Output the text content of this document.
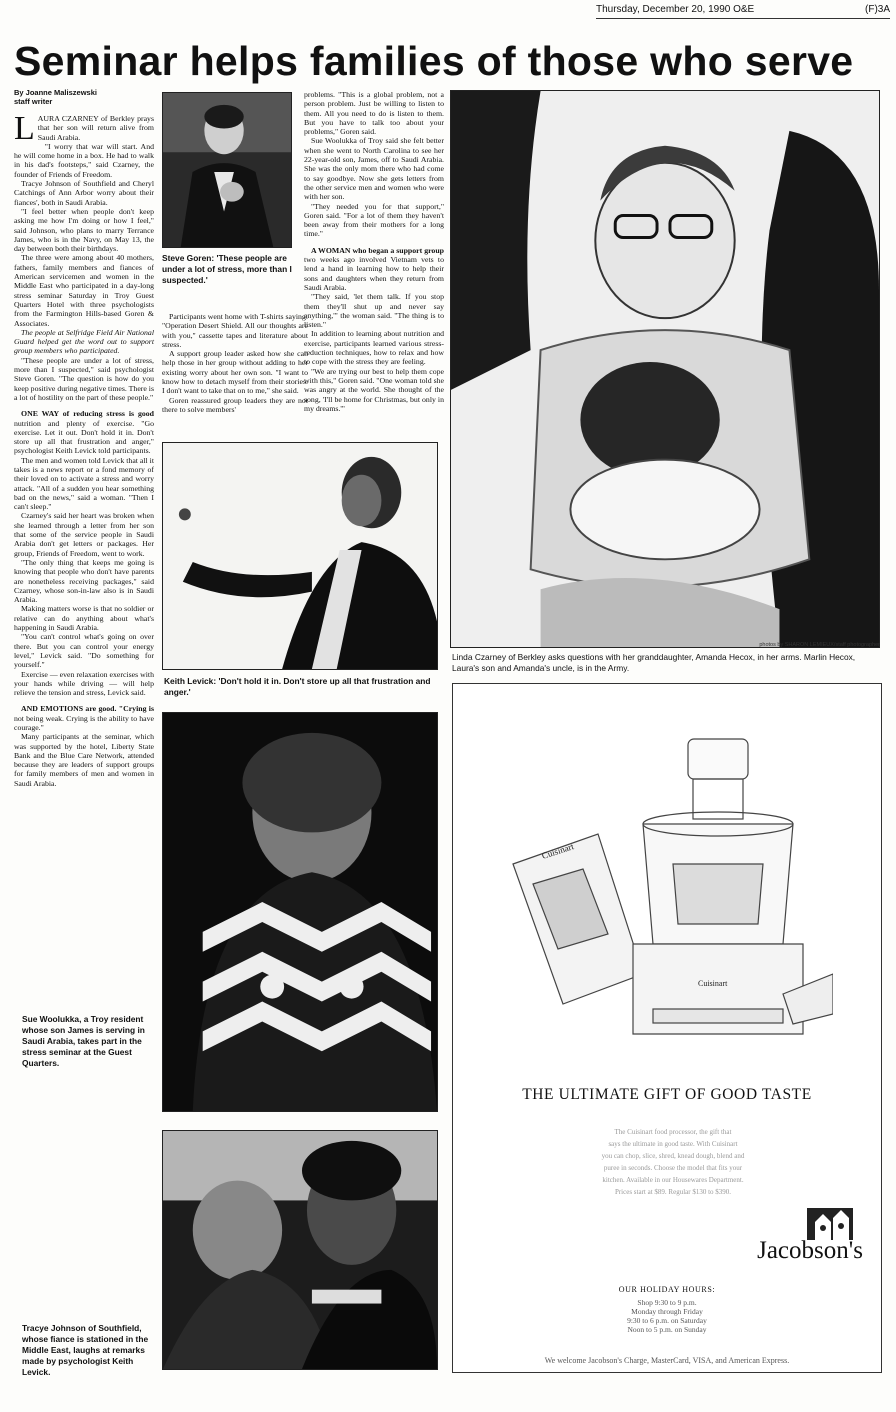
Thursday, December 20, 1990 O&E	(F)3A
Seminar helps families of those who serve
By Joanne Maliszewski
staff writer

LAURA CZARNEY of Berkley prays that her son will return alive from Saudi Arabia.

"I worry that war will start. And he will come home in a box. He had to walk in his dad's footsteps," said Czarney, the founder of Friends of Freedom.

Tracye Johnson of Southfield and Cheryl Catchings of Ann Arbor worry about their fiances', both in Saudi Arabia.

"I feel better when people don't keep asking me how I'm doing or how I feel," said Johnson, who plans to marry Terrance James, who is in the Navy, on May 13, the day between both their birthdays.

The three were among about 40 mothers, fathers, family members and fiances of American servicemen and women in the Middle East who participated in a day-long stress seminar Saturday in Troy Guest Quarters Hotel with three psychologists from the Farmington Hills-based Goren & Associates.

The people at Selfridge Field Air National Guard helped get the word out to support group members who participated.

"These people are under a lot of stress, more than I suspected," said psychologist Steve Goren. "The question is how do you keep positive during negative times. There is a lot of hostility on the part of these people."

ONE WAY of reducing stress is good nutrition and plenty of exercise. "Go exercise. Let it out. Don't hold it in. Don't store up all that frustration and anger," psychologist Keith Levick told participants.

The men and women told Levick that all it takes is a news report or a fond memory of their loved on to activate a stress and worry attack. "All of a sudden you hear something bad on the news," said a woman. "Then I can't sleep."

Czarney's said her heart was broken when she learned through a letter from her son that some of the service people in Saudi Arabia don't get letters or packages. Her group, Friends of Freedom, went to work.

"The only thing that keeps me going is knowing that people who don't have parents are nonetheless receiving packages," said Czarney, whose son-in-law also is in Saudi Arabia.

Making matters worse is that no soldier or relative can do anything about what's happening in Saudi Arabia.

"You can't control what's going on over there. But you can control your energy level," Levick said. "Do something for yourself."

Exercise — even relaxation exercises with your hands while driving — will help relieve the tension and stress, Levick said.

AND EMOTIONS are good. "Crying is not being weak. Crying is the ability to have courage."

Many participants at the seminar, which was supported by the hotel, Liberty State Bank and the Blue Care Network, attended because they are leaders of support groups for family members of men and women in Saudi Arabia.

Participants went home with T-shirts saying: "Operation Desert Shield. All our thoughts are with you," cassette tapes and literature about stress.

A support group leader asked how she can help those in her group without adding to her existing worry about her own son. "I want to know how to detach myself from their stories. I don't want to take that on to me," she said.

Goren reassured group leaders they are not there to solve members'

problems. "This is a global problem, not a person problem. Just be willing to listen to them. All you need to do is listen to them. But you have to talk too about your problems," Goren said.

Sue Woolukka of Troy said she felt better when she went to North Carolina to see her 22-year-old son, James, off to Saudi Arabia. She was the only mom there who had come to say goodbye. Now she gets letters from the other service men and women who were with her son.

"They needed you for that support," Goren said. "For a lot of them they haven't been away from their mothers for a long time."

A WOMAN who began a support group two weeks ago involved Vietnam vets to lend a hand in learning how to help their sons and daughters when they return from Saudi Arabia.

"They said, 'let them talk. If you stop them they'll shut up and never say anything,'" the woman said. "The thing is to listen."

In addition to learning about nutrition and exercise, participants learned various stress-reduction techniques, how to relax and how to cope with the stress they are feeling.

"We are trying our best to help them cope with this," Goren said. "One woman told she was angry at the world. She thought of the song, 'I'll be home for Christmas, but only in my dreams.'"

Steve Goren: 'These people are under a lot of stress, more than I suspected.'
Keith Levick: 'Don't hold it in. Don't store up all that frustration and anger.'
photos by SHARON LEMIEUX/staff photographer
Linda Czarney of Berkley asks questions with her granddaughter, Amanda Hecox, in her arms. Marlin Hecox, Laura's son and Amanda's uncle, is in the Army.
Sue Woolukka, a Troy resident whose son James is serving in Saudi Arabia, takes part in the stress seminar at the Guest Quarters.
Tracye Johnson of Southfield, whose fiance is stationed in the Middle East, laughs at remarks made by psychologist Keith Levick.
Cuisinart
Cuisinart
THE ULTIMATE GIFT OF GOOD TASTE
The Cuisinart food processor, the gift that
says the ultimate in good taste. With Cuisinart
you can chop, slice, shred, knead dough, blend and
puree in seconds. Choose the model that fits your
kitchen. Available in our Housewares Department.
Prices start at $89. Regular $130 to $390.
Jacobson's
OUR HOLIDAY HOURS:
Shop 9:30 to 9 p.m.
Monday through Friday
9:30 to 6 p.m. on Saturday
Noon to 5 p.m. on Sunday
We welcome Jacobson's Charge, MasterCard, VISA, and American Express.
